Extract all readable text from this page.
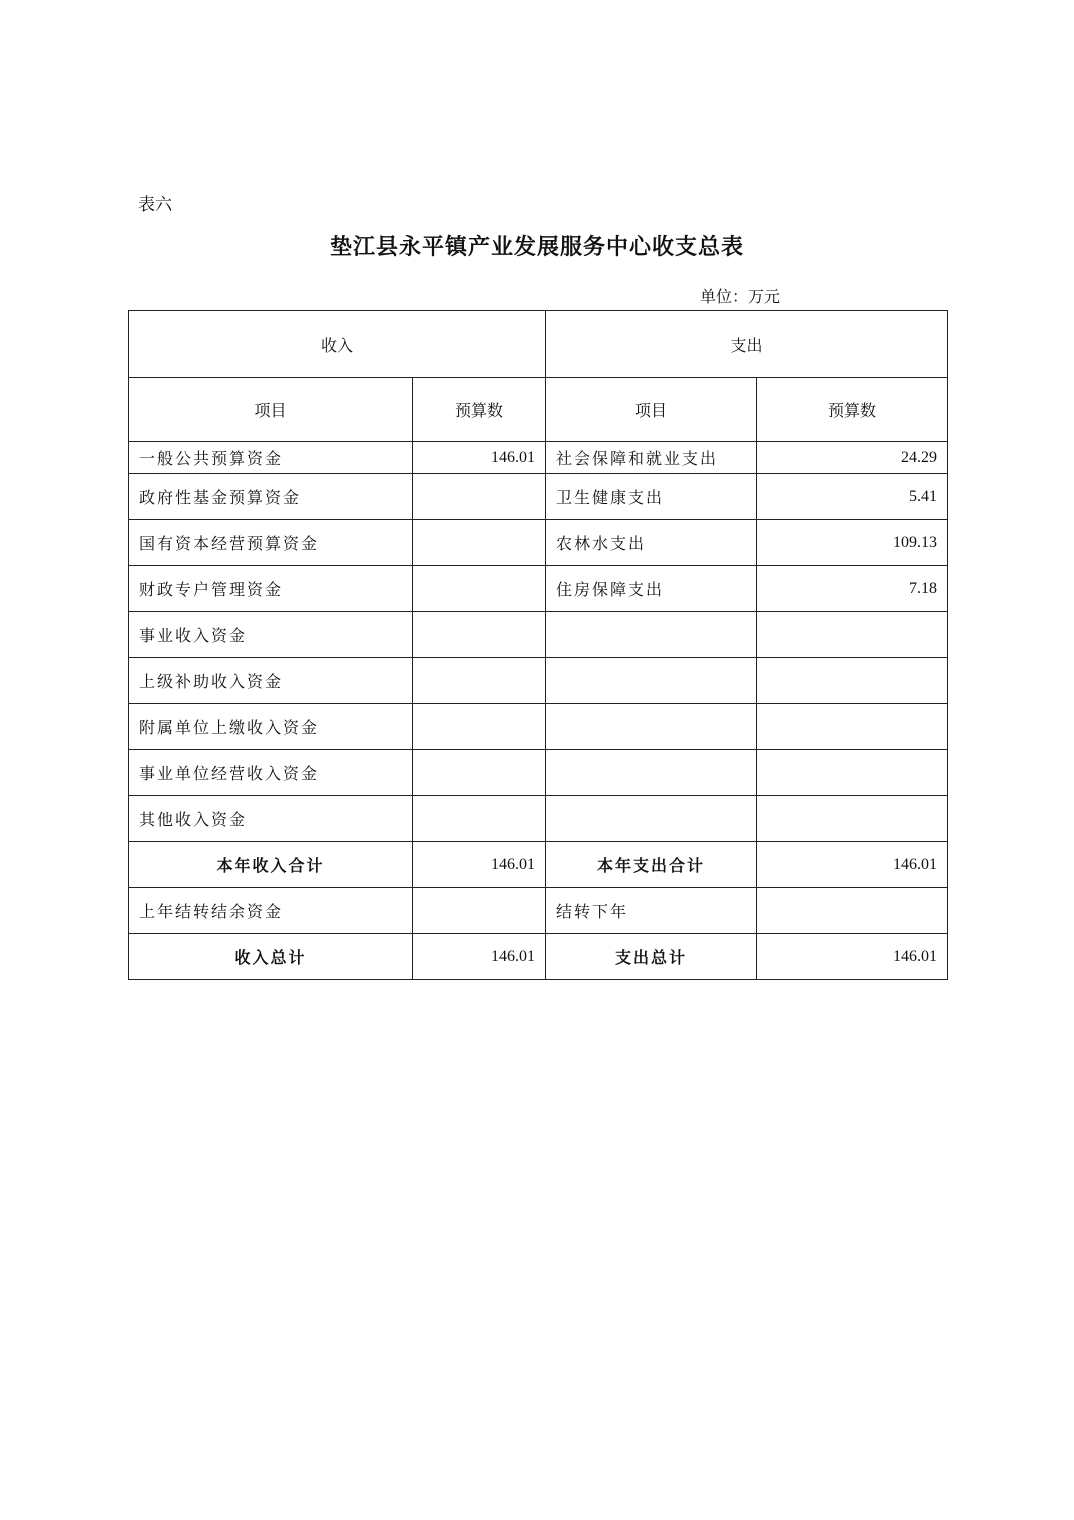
表六
垫江县永平镇产业发展服务中心收支总表
单位：万元
收入		支出	
项目	预算数	项目	预算数
一般公共预算资金	146.01	社会保障和就业支出	24.29
政府性基金预算资金		卫生健康支出	5.41
国有资本经营预算资金		农林水支出	109.13
财政专户管理资金		住房保障支出	7.18
事业收入资金			
上级补助收入资金			
附属单位上缴收入资金			
事业单位经营收入资金			
其他收入资金			
本年收入合计	146.01	本年支出合计	146.01
上年结转结余资金		结转下年	
收入总计	146.01	支出总计	146.01
